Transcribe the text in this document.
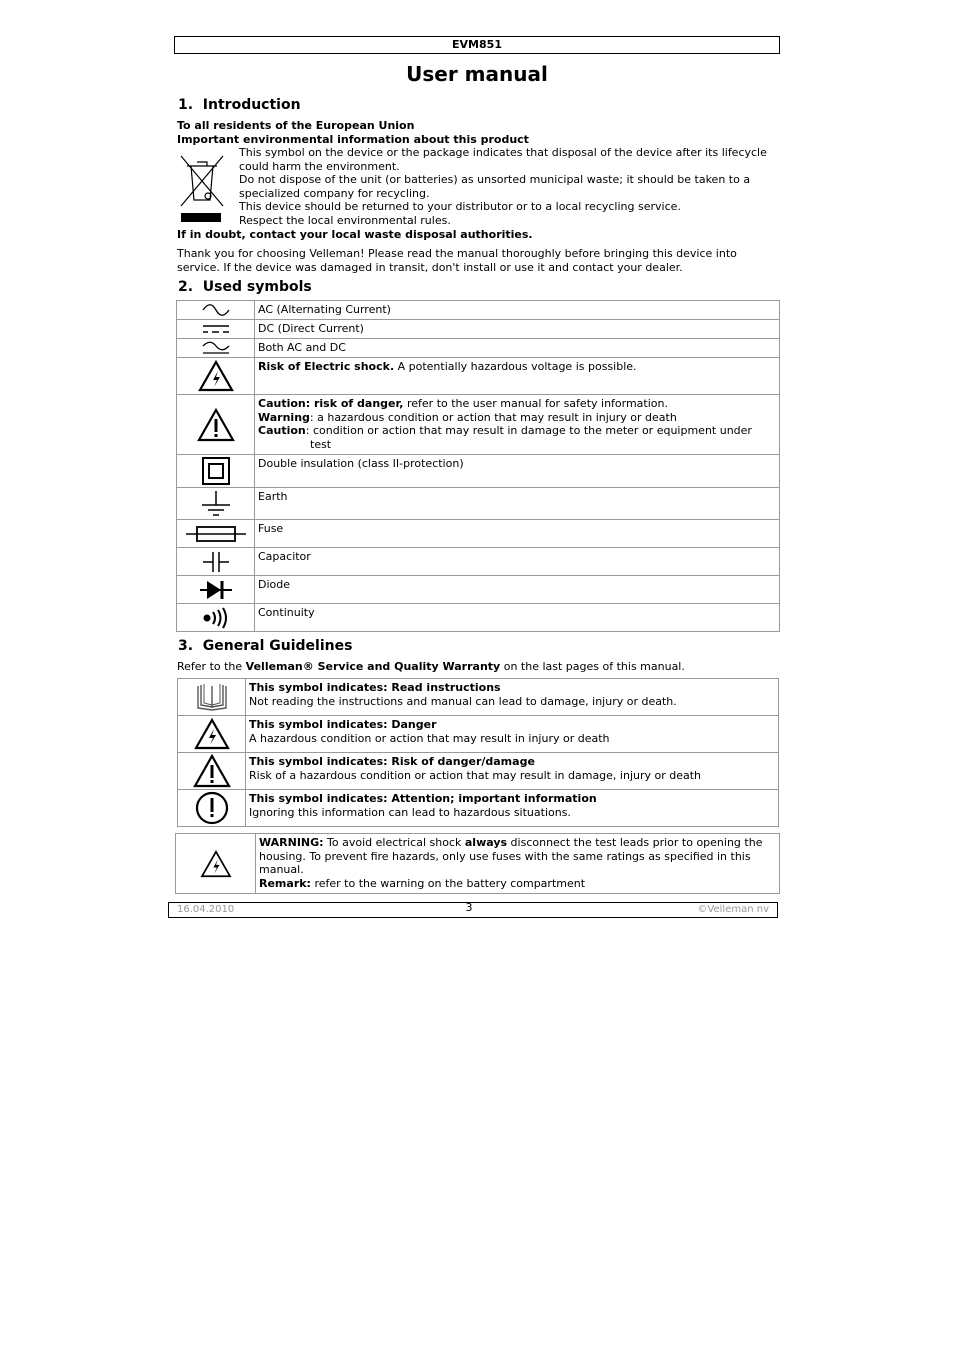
EVM851
User manual
1.  Introduction
To all residents of the European Union
Important environmental information about this product
This symbol on the device or the package indicates that disposal of the device after its lifecycle could harm the environment.
Do not dispose of the unit (or batteries) as unsorted municipal waste; it should be taken to a specialized company for recycling.
This device should be returned to your distributor or to a local recycling service.
Respect the local environmental rules.
If in doubt, contact your local waste disposal authorities.
Thank you for choosing Velleman! Please read the manual thoroughly before bringing this device into service. If the device was damaged in transit, don't install or use it and contact your dealer.
2.  Used symbols
	AC (Alternating Current)

	DC (Direct Current)

	Both AC and DC

	Risk of Electric shock. A potentially hazardous voltage is possible.

Caution: risk of danger, refer to the user manual for safety information.
Warning: a hazardous condition or action that may result in injury or death
Caution: condition or action that may result in damage to the meter or equipment under
test

	Double insulation (class II-protection)

	Earth

	Fuse

	Capacitor

	Diode

	Continuity
3.  General Guidelines
Refer to the Velleman® Service and Quality Warranty on the last pages of this manual.

This symbol indicates: Read instructions
Not reading the instructions and manual can lead to damage, injury or death.

This symbol indicates: Danger
A hazardous condition or action that may result in injury or death

This symbol indicates: Risk of danger/damage
Risk of a hazardous condition or action that may result in damage, injury or death

This symbol indicates: Attention; important information
Ignoring this information can lead to hazardous situations.

WARNING: To avoid electrical shock always disconnect the test leads prior to opening the housing. To prevent fire hazards, only use fuses with the same ratings as specified in this manual.
Remark: refer to the warning on the battery compartment
16.04.2010	3	©Velleman nv
